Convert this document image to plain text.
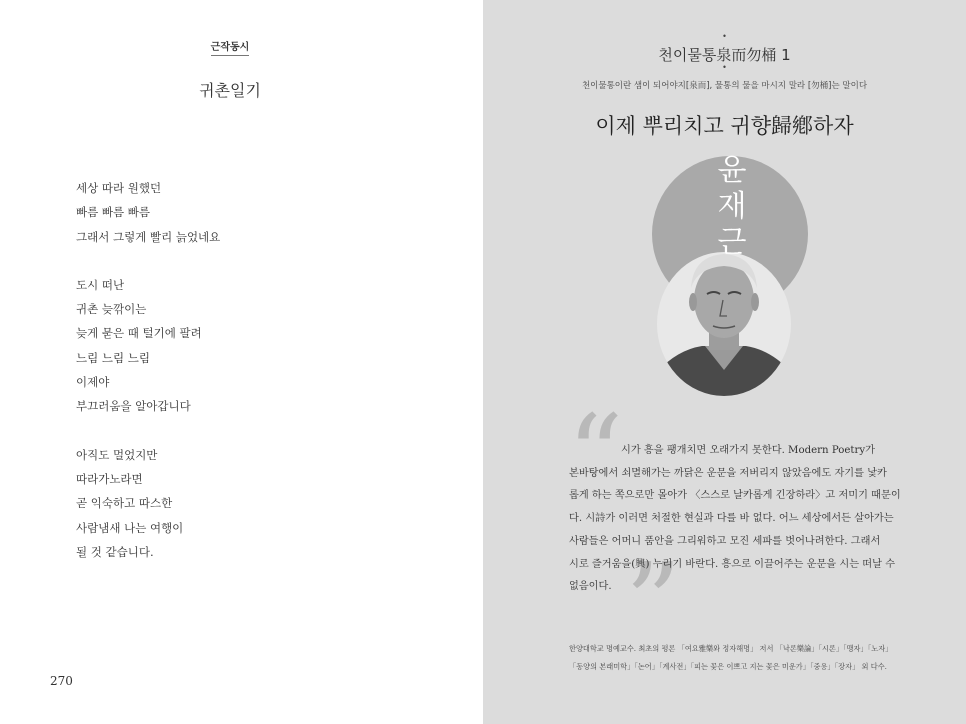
근작동시
귀촌일기
세상 따라 원했던
빠름 빠름 빠름
그래서 그렇게 빨리 늙었네요
도시 떠난
귀촌 늦깎이는
늦게 묻은 때 털기에 팔려
느림 느림 느림
이제야
부끄러움을 알아갑니다
아직도 멀었지만
따라가노라면
곧 익숙하고 따스한
사람냄새 나는 여행이
될 것 같습니다.
270
•
천이물통泉而勿桶 1
•
천이물통이란 샘이 되어야지[泉而], 물통의 물을 마시지 말라 [勿桶]는 말이다
이제 뿌리치고 귀향歸鄕하자
윤
재
근
“
”
시가 흥을 팽개치면 오래가지 못한다. Modern Poetry가
본바탕에서 쇠멸해가는 까닭은 운문을 저버리지 않았음에도 자기를 낯카
롭게 하는 쪽으로만 몰아가 〈스스로 날카롭게 긴장하라〉고 저미기 때문이
다. 시詩가 이러면 처절한 현실과 다를 바 없다. 어느 세상에서든 살아가는
사람들은 어머니 품안을 그리워하고 모진 세파를 벗어나려한다. 그래서
시로 즐거움을(興) 누리기 바란다. 흥으로 이끌어주는 운문을 시는 떠날 수
없음이다.
한양대학교 명예교수. 최초의 평론 「여요雅樂와 정자해명」 저서 「낙론樂論」「시론」「맹자」「노자」
「동양의 본래미학」「논어」「계사전」「피는 꽃은 이쁘고 지는 꽃은 미운가」「중용」「장자」 외 다수.
